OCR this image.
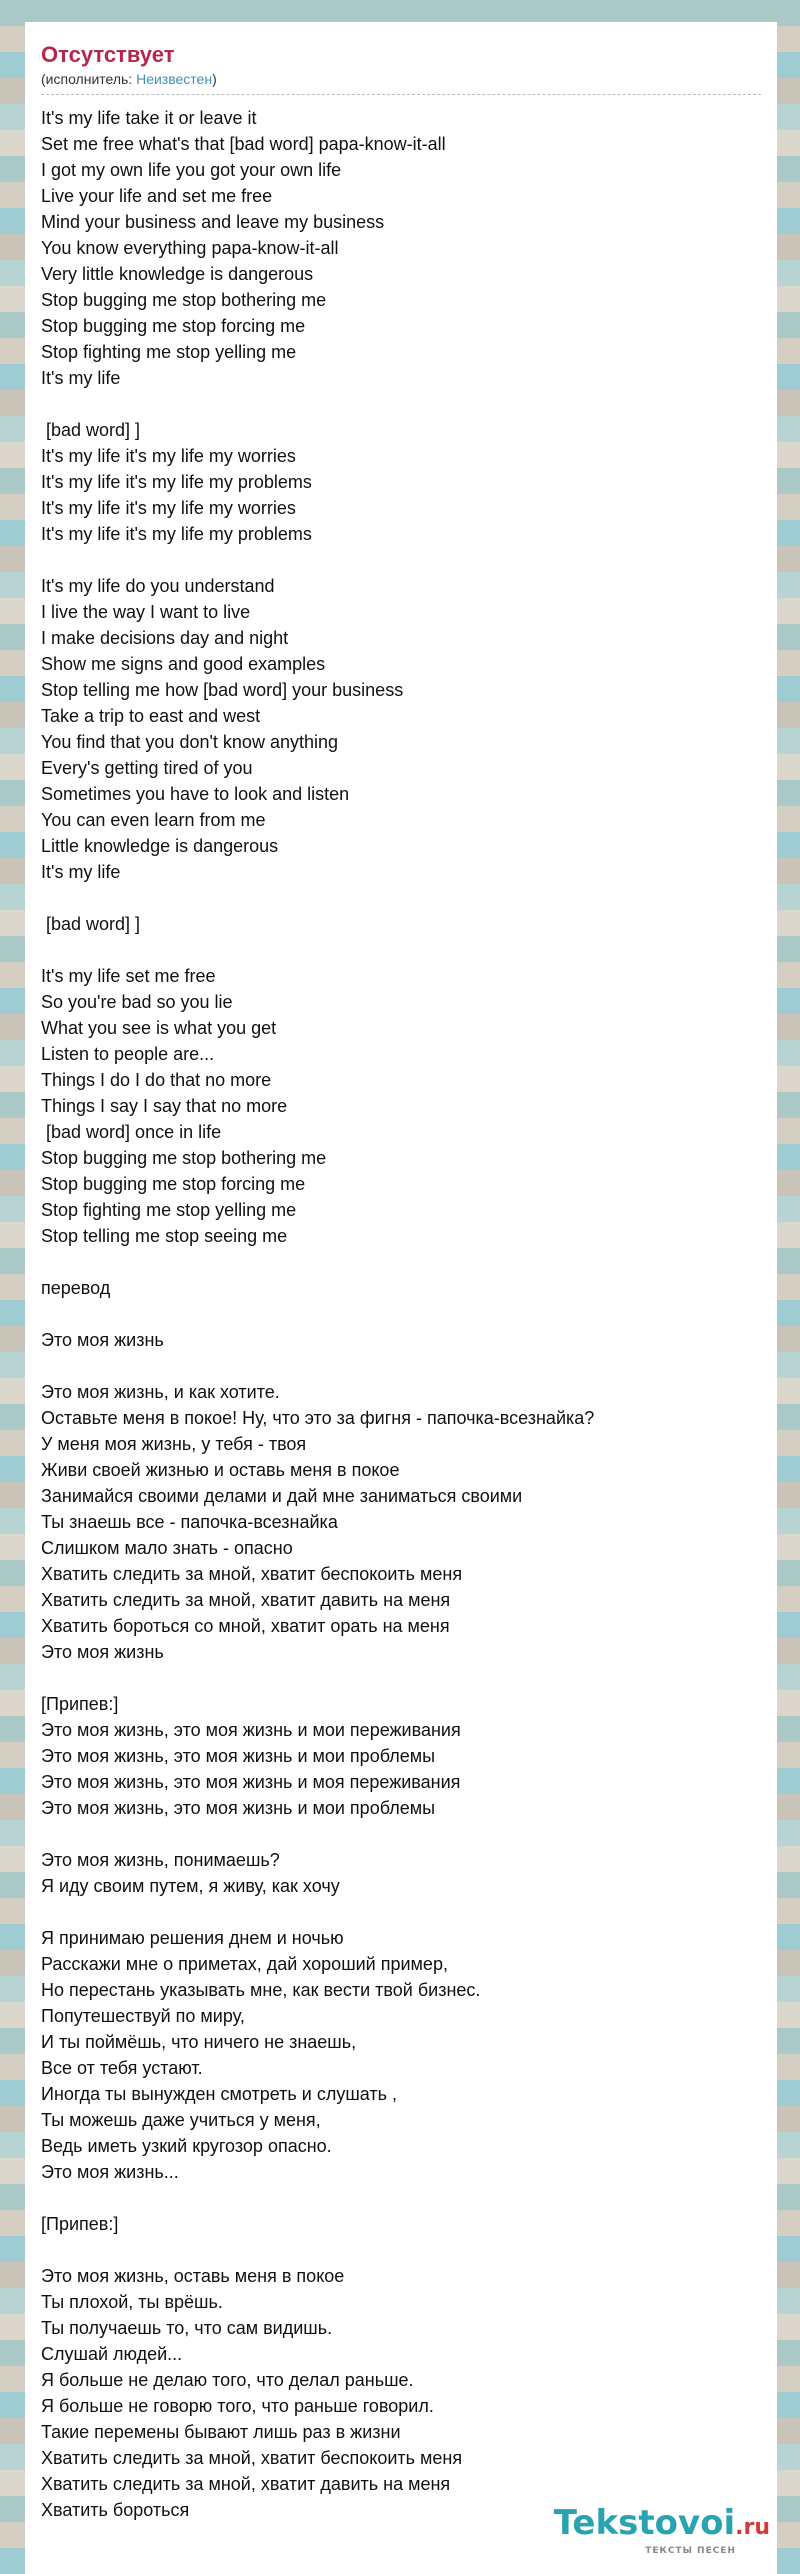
Отсутствует
(исполнитель: Неизвестен)
It's my life take it or leave it
Set me free what's that [bad word] papa-know-it-all
I got my own life you got your own life
Live your life and set me free
Mind your business and leave my business
You know everything papa-know-it-all
Very little knowledge is dangerous
Stop bugging me stop bothering me
Stop bugging me stop forcing me
Stop fighting me stop yelling me
It's my life
[bad word] ]
It's my life it's my life my worries
It's my life it's my life my problems
It's my life it's my life my worries
It's my life it's my life my problems
It's my life do you understand
I live the way I want to live
I make decisions day and night
Show me signs and good examples
Stop telling me how [bad word] your business
Take a trip to east and west
You find that you don't know anything
Every's getting tired of you
Sometimes you have to look and listen
You can even learn from me
Little knowledge is dangerous
It's my life
[bad word] ]
It's my life set me free
So you're bad so you lie
What you see is what you get
Listen to people are...
Things I do I do that no more
Things I say I say that no more
[bad word] once in life
Stop bugging me stop bothering me
Stop bugging me stop forcing me
Stop fighting me stop yelling me
Stop telling me stop seeing me
перевод
Это моя жизнь
Это моя жизнь, и как хотите.
Оставьте меня в покое! Ну, что это за фигня - папочка-всезнайка?
У меня моя жизнь, у тебя - твоя
Живи своей жизнью и оставь меня в покое
Занимайся своими делами и дай мне заниматься своими
Ты знаешь все - папочка-всезнайка
Слишком мало знать - опасно
Хватить следить за мной, хватит беспокоить меня
Хватить следить за мной, хватит давить на меня
Хватить бороться со мной, хватит орать на меня
Это моя жизнь
[Припев:]
Это моя жизнь, это моя жизнь и мои переживания
Это моя жизнь, это моя жизнь и мои проблемы
Это моя жизнь, это моя жизнь и моя переживания
Это моя жизнь, это моя жизнь и мои проблемы
Это моя жизнь, понимаешь?
Я иду своим путем, я живу, как хочу
Я принимаю решения днем и ночью
Расскажи мне о приметах, дай хороший пример,
Но перестань указывать мне, как вести твой бизнес.
Попутешествуй по миру,
И ты поймёшь, что ничего не знаешь,
Все от тебя устают.
Иногда ты вынужден смотреть и слушать ,
Ты можешь даже учиться у меня,
Ведь иметь узкий кругозор опасно.
Это моя жизнь...
[Припев:]
Это моя жизнь, оставь меня в покое
Ты плохой, ты врёшь.
Ты получаешь то, что сам видишь.
Слушай людей...
Я больше не делаю того, что делал раньше.
Я больше не говорю того, что раньше говорил.
Такие перемены бывают лишь раз в жизни
Хватить следить за мной, хватит беспокоить меня
Хватить следить за мной, хватит давить на меня
Хватить бороться	Tekstovoi.ru
ТЕКСТЫ ПЕСЕН
